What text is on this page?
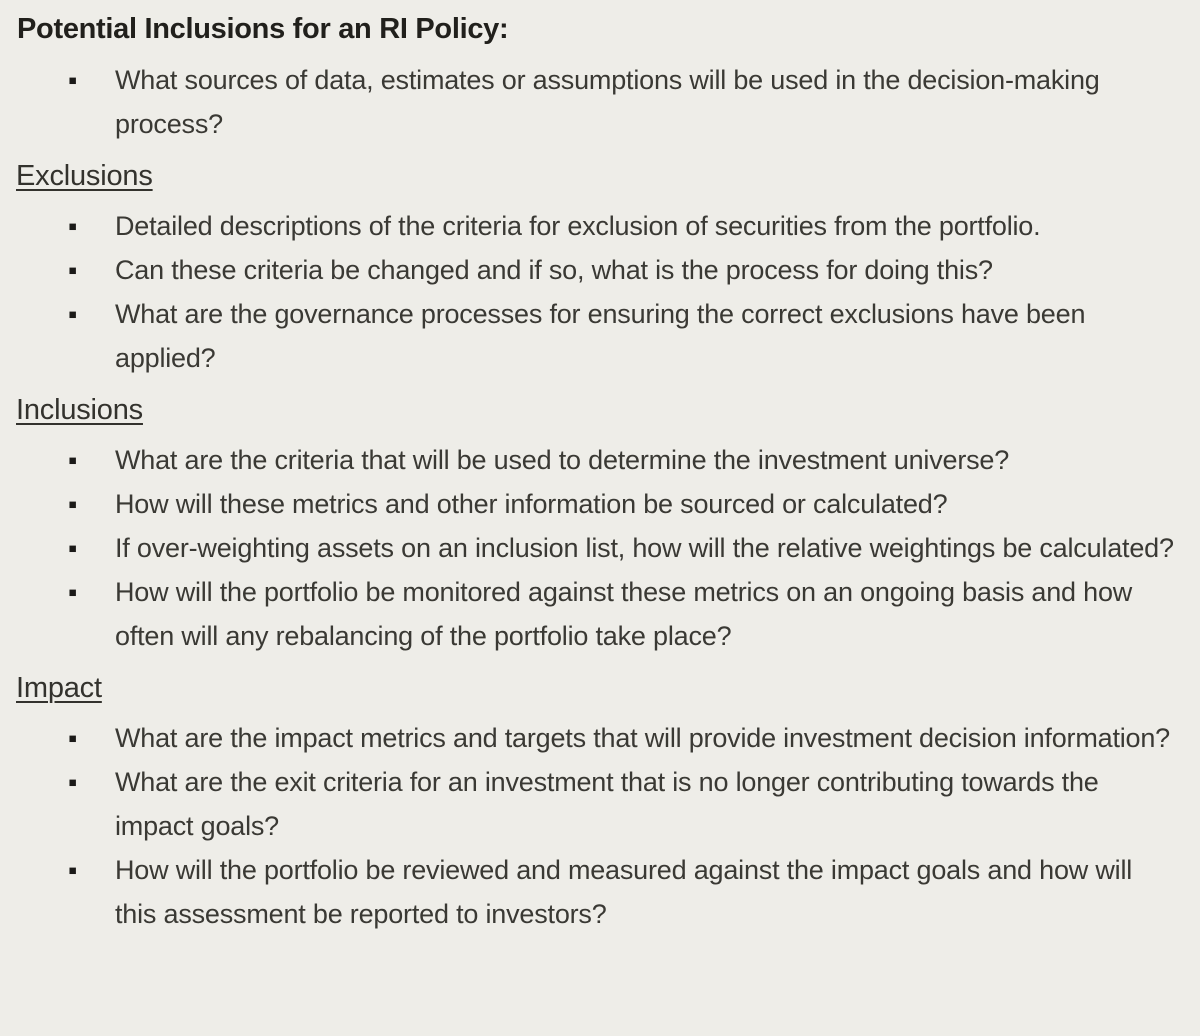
Potential Inclusions for an RI Policy:
▪ What sources of data, estimates or assumptions will be used in the decision-making process?
Exclusions
▪ Detailed descriptions of the criteria for exclusion of securities from the portfolio.
▪ Can these criteria be changed and if so, what is the process for doing this?
▪ What are the governance processes for ensuring the correct exclusions have been applied?
Inclusions
▪ What are the criteria that will be used to determine the investment universe?
▪ How will these metrics and other information be sourced or calculated?
▪ If over-weighting assets on an inclusion list, how will the relative weightings be calculated?
▪ How will the portfolio be monitored against these metrics on an ongoing basis and how often will any rebalancing of the portfolio take place?
Impact
▪ What are the impact metrics and targets that will provide investment decision information?
▪ What are the exit criteria for an investment that is no longer contributing towards the impact goals?
▪ How will the portfolio be reviewed and measured against the impact goals and how will this assessment be reported to investors?
